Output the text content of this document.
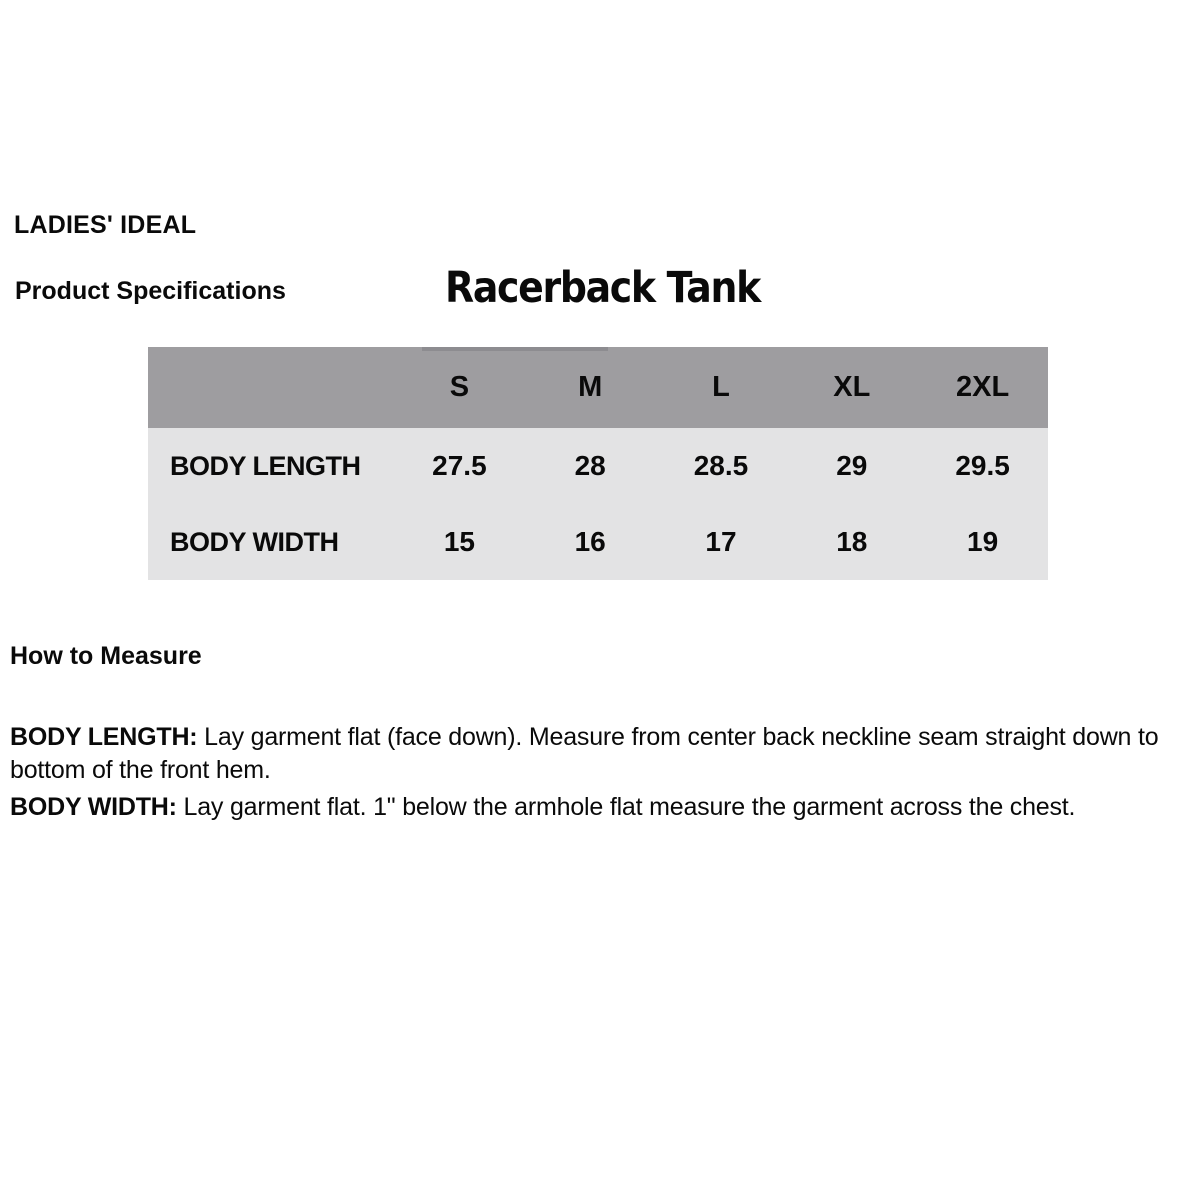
LADIES' IDEAL
Product Specifications	Racerback Tank
S	M	L	XL	2XL
BODY LENGTH	27.5	28	28.5	29	29.5
BODY WIDTH	15	16	17	18	19
How to Measure
BODY LENGTH: Lay garment flat (face down). Measure from center back neckline seam straight down to bottom of the front hem.
BODY WIDTH: Lay garment flat. 1" below the armhole flat measure the garment across the chest.
